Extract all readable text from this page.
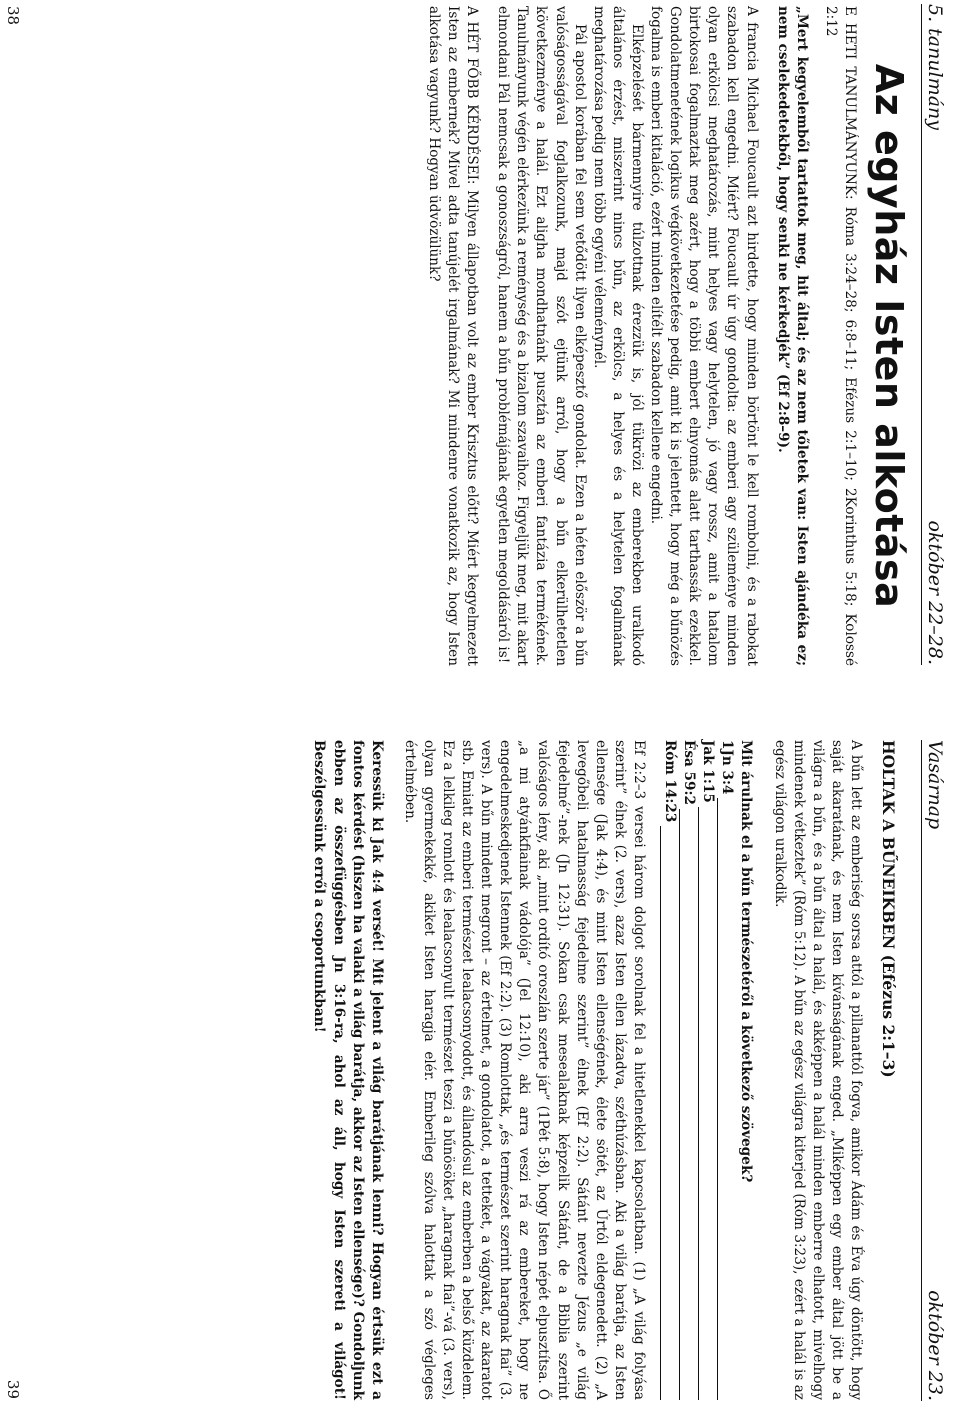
5. tanulmány
október 22–28.
Az egyház Isten alkotása

E HETI TANULMÁNYUNK: Róma 3:24–28; 6:8–11; Efézus 2:1–10; 2Korinthus 5:18; Kolossé 2:12

„Mert kegyelemből tartattok meg, hit által; és az nem tőletek van: Isten ajándéka ez; nem cselekedetekből, hogy senki ne kérkedjék” (Ef 2:8–9).

A francia Michael Foucault azt hirdette, hogy minden börtönt le kell rombolni, és a rabokat szabadon kell engedni. Miért? Foucault úr úgy gondolta: az emberi agy szüleménye minden olyan erkölcsi meghatározás, mint helyes vagy helytelen, jó vagy rossz, amit a hatalom birtokosai fogalmaztak meg azért, hogy a többi embert elnyomás alatt tarthassák ezekkel. Gondolatmenetének logikus végkövetkeztetése pedig, amit ki is jelentett, hogy még a bűnözés fogalma is emberi kitaláció, ezért minden elítélt szabadon kellene engedni.

Elképzelését bármennyire túlzottnak érezzük is, jól tükrözi az emberekben uralkodó általános érzést, miszerint nincs bűn, az erkölcs, a helyes és a helytelen fogalmának meghatározása pedig nem több egyéni véleménynél.

Pál apostol korában fel sem vetődött ilyen elképesztő gondolat. Ezen a héten először a bűn valóságosságával foglalkozunk, majd szót ejtünk arról, hogy a bűn elkerülhetetlen következménye a halál. Ezt aligha mondhatnánk pusztán az emberi fantázia termékének. Tanulmányunk végén elérkezünk a reménység és a bizalom szavaihoz. Figyeljük meg, mit akart elmondani Pál nemcsak a gonoszságról, hanem a bűn problémájának egyetlen megoldásáról is!

A HÉT FŐBB KÉRDÉSEI: Milyen állapotban volt az ember Krisztus előtt? Miért kegyelmezett Isten az embernek? Mivel adta tanújelét irgalmának? Mi mindenre vonatkozik az, hogy Isten alkotása vagyunk? Hogyan üdvözülünk?

38
Vasárnap
október 23.
HOLTAK A BŰNEIKBEN (Efézus 2:1–3)

A bűn lett az emberiség sorsa attól a pillanattól fogva, amikor Ádám és Éva úgy döntött, hogy saját akaratának, és nem Isten kívánságának enged. „Miképpen egy ember által jött be a világra a bűn, és a bűn által a halál, és akképpen a halál minden emberre elhatott, mivelhogy mindenek vétkeztek” (Róm 5:12). A bűn az egész világra kiterjed (Róm 3:23), ezért a halál is az egész világon uralkodik.

Mit árulnak el a bűn természetéről a következő szövegek?

1Jn 3:4
Jak 1:15
Ésa 59:2
Róm 14:23

Ef 2:2–3 versei három dolgot sorolnak fel a hitetlenekkel kapcsolatban. (1) „A világ folyása szerint” élnek (2. vers), azaz Isten ellen lázadva, széthúzásban. Aki a világ barátja, az Isten ellensége (Jak 4:4), és mint Isten ellenségének, élete sötét, az Úrtól eldegenedett. (2) „A levegőbeli hatalmasság fejedelme szerint” élnek (Ef 2:2). Sátánt nevezte Jézus „e világ fejedelmé”-nek (Jn 12:31). Sokan csak mesealaknak képzelik Sátánt, de a Biblia szerint valóságos lény, aki „mint ordító oroszlán szerte jár” (1Pét 5:8), hogy Isten népét elpusztítsa. Ő „a mi atyánkfiainak vádolója” (Jel 12:10), aki arra veszi rá az embereket, hogy ne engedelmeskedjenek Istennek (Ef 2:2). (3) Romlottak, „és természet szerint haragnak fiai” (3. vers). A bűn mindent megront – az értelmet, a gondolatot, a tetteket, a vágyakat, az akaratot stb. Emiatt az emberi természet lealacsonyodott, és állandósul az emberben a belső küzdelem. Ez a lelkileg romlott és lealacsonyult természet teszi a bűnösöket „haragnak fiai”-vá (3. vers), olyan gyermekekké, akiket Isten haragja elér. Emberileg szólva halottak a szó végleges értelmében.

Keressük ki Jak 4:4 versét! Mit jelent a világ barátjának lenni? Hogyan értsük ezt a fontos kérdést (hiszen ha valaki a világ barátja, akkor az Isten ellensége)? Gondoljunk ebben az összefüggésben Jn 3:16-ra, ahol az áll, hogy Isten szereti a világot! Beszélgessünk erről a csoportunkban!

39
